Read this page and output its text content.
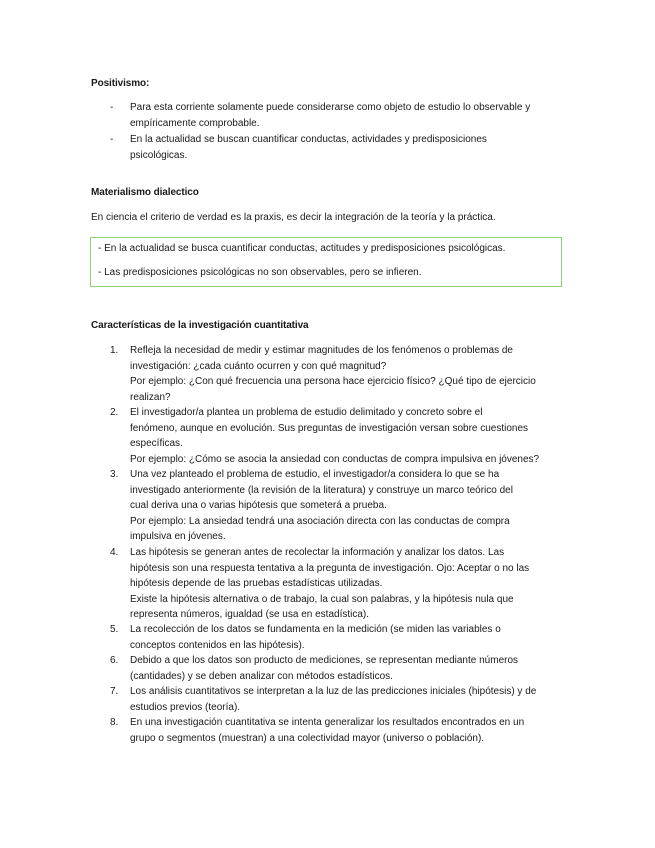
Positivismo:
- Para esta corriente solamente puede considerarse como objeto de estudio lo observable y
empíricamente comprobable.
- En la actualidad se buscan cuantificar conductas, actividades y predisposiciones
psicológicas.
Materialismo dialectico
En ciencia el criterio de verdad es la praxis, es decir la integración de la teoría y la práctica.
- En la actualidad se busca cuantificar conductas, actitudes y predisposiciones psicológicas.
- Las predisposiciones psicológicas no son observables, pero se infieren.
Características de la investigación cuantitativa
1.	Refleja la necesidad de medir y estimar magnitudes de los fenómenos o problemas de
investigación: ¿cada cuánto ocurren y con qué magnitud?
Por ejemplo: ¿Con qué frecuencia una persona hace ejercicio físico? ¿Qué tipo de ejercicio
realizan?
2.	El investigador/a plantea un problema de estudio delimitado y concreto sobre el
fenómeno, aunque en evolución. Sus preguntas de investigación versan sobre cuestiones
específicas.
Por ejemplo: ¿Cómo se asocia la ansiedad con conductas de compra impulsiva en jóvenes?
3.	Una vez planteado el problema de estudio, el investigador/a considera lo que se ha
investigado anteriormente (la revisión de la literatura) y construye un marco teórico del
cual deriva una o varias hipótesis que someterá a prueba.
Por ejemplo: La ansiedad tendrá una asociación directa con las conductas de compra
impulsiva en jóvenes.
4.	Las hipótesis se generan antes de recolectar la información y analizar los datos. Las
hipótesis son una respuesta tentativa a la pregunta de investigación. Ojo: Aceptar o no las
hipótesis depende de las pruebas estadísticas utilizadas.
Existe la hipótesis alternativa o de trabajo, la cual son palabras, y la hipótesis nula que
representa números, igualdad (se usa en estadística).
5.	La recolección de los datos se fundamenta en la medición (se miden las variables o
conceptos contenidos en las hipótesis).
6.	Debido a que los datos son producto de mediciones, se representan mediante números
(cantidades) y se deben analizar con métodos estadísticos.
7.	Los análisis cuantitativos se interpretan a la luz de las predicciones iniciales (hipótesis) y de
estudios previos (teoría).
8.	En una investigación cuantitativa se intenta generalizar los resultados encontrados en un
grupo o segmentos (muestran) a una colectividad mayor (universo o población).
